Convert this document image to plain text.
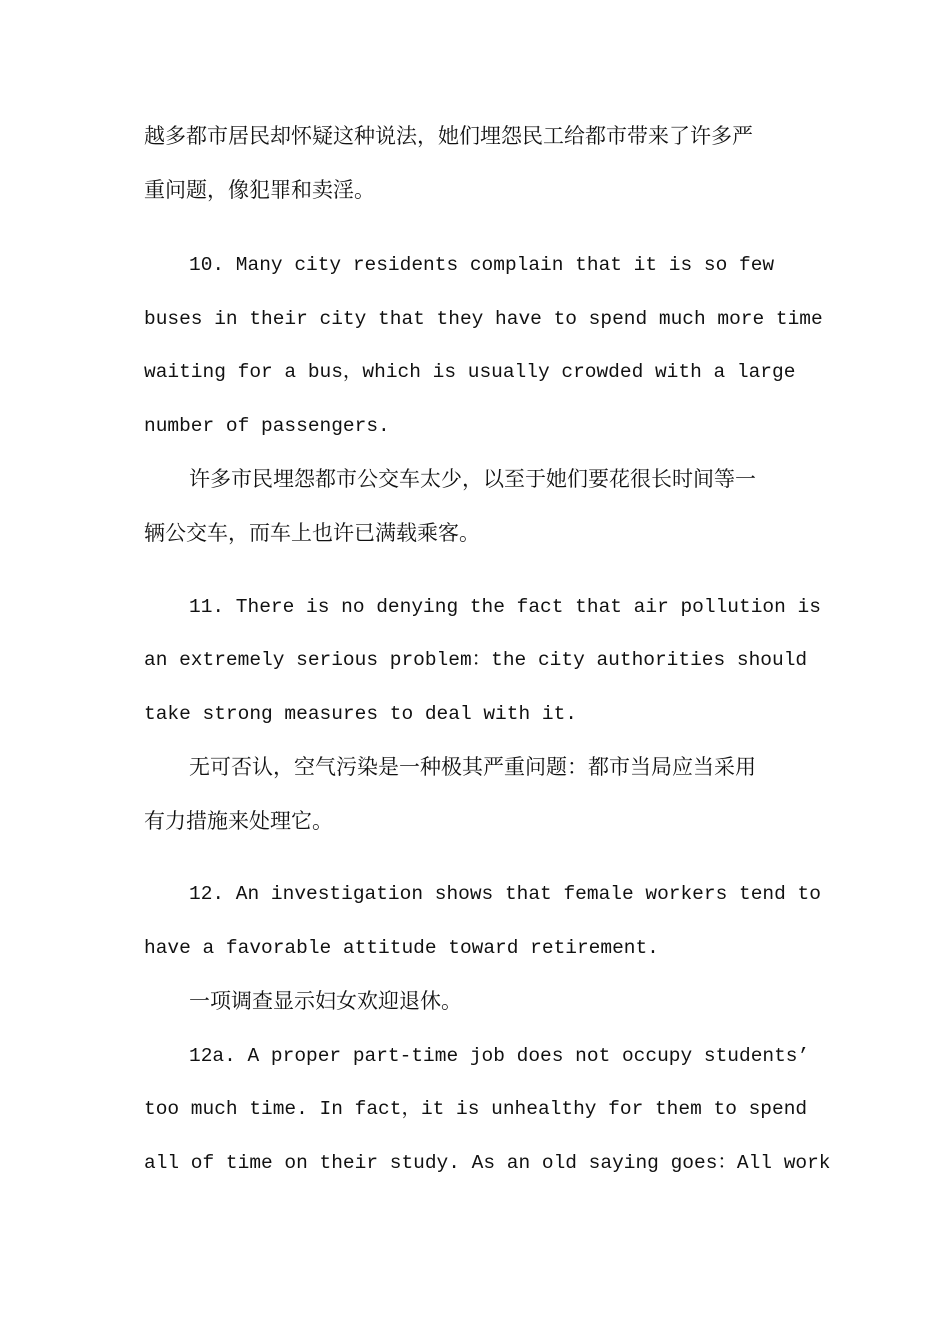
越多都市居民却怀疑这种说法，她们埋怨民工给都市带来了许多严
重问题，像犯罪和卖淫。
10. Many city residents complain that it is so few
buses in their city that they have to spend much more time
waiting for a bus，which is usually crowded with a large
number of passengers.
许多市民埋怨都市公交车太少，以至于她们要花很长时间等一
辆公交车，而车上也许已满载乘客。
11. There is no denying the fact that air pollution is
an extremely serious problem：the city authorities should
take strong measures to deal with it.
无可否认，空气污染是一种极其严重问题：都市当局应当采用
有力措施来处理它。
12. An investigation shows that female workers tend to
have a favorable attitude toward retirement.
一项调查显示妇女欢迎退休。
12a. A proper part-time job does not occupy students’
too much time. In fact，it is unhealthy for them to spend
all of time on their study. As an old saying goes：All work
